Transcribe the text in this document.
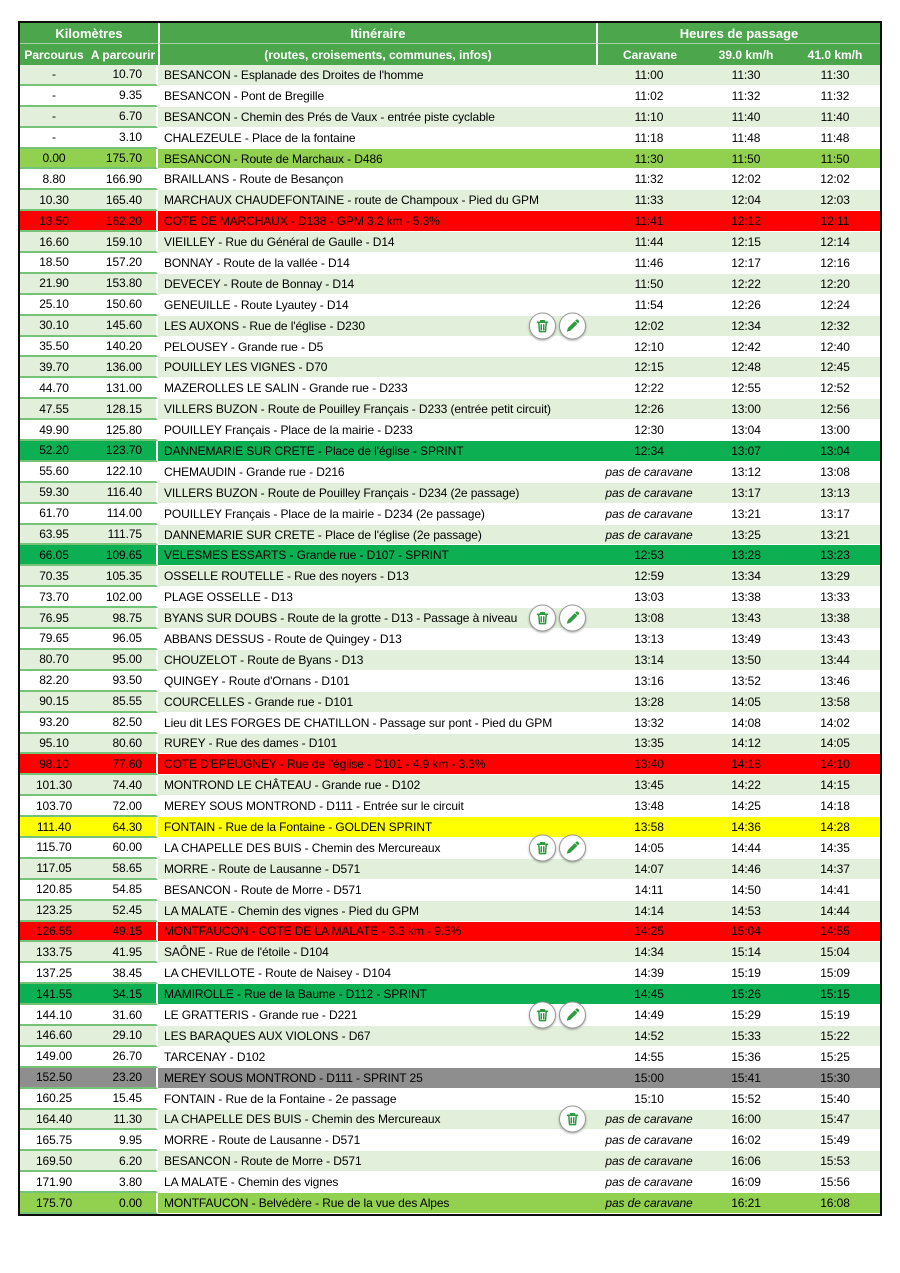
Kilomètres	Itinéraire	Heures de passage
Parcourus A parcourir	(routes, croisements, communes, infos)	Caravane	39.0 km/h	41.0 km/h
-	10.70	BESANCON - Esplanade des Droites de l'homme	11:00	11:30	11:30
-	9.35	BESANCON - Pont de Bregille	11:02	11:32	11:32
-	6.70	BESANCON - Chemin des Prés de Vaux - entrée piste cyclable	11:10	11:40	11:40
-	3.10	CHALEZEULE - Place de la fontaine	11:18	11:48	11:48
0.00	175.70	BESANCON - Route de Marchaux - D486	11:30	11:50	11:50
8.80	166.90	BRAILLANS - Route de Besançon	11:32	12:02	12:02
10.30	165.40	MARCHAUX CHAUDEFONTAINE - route de Champoux - Pied du GPM	11:33	12:04	12:03
13.50	162.20	COTE DE MARCHAUX - D138 - GPM 3.2 km - 5.3%	11:41	12:12	12:11
16.60	159.10	VIEILLEY - Rue du Général de Gaulle - D14	11:44	12:15	12:14
18.50	157.20	BONNAY - Route de la vallée - D14	11:46	12:17	12:16
21.90	153.80	DEVECEY - Route de Bonnay - D14	11:50	12:22	12:20
25.10	150.60	GENEUILLE - Route Lyautey - D14	11:54	12:26	12:24
30.10	145.60	LES AUXONS - Rue de l'église - D230	12:02	12:34	12:32
35.50	140.20	PELOUSEY - Grande rue - D5	12:10	12:42	12:40
39.70	136.00	POUILLEY LES VIGNES - D70	12:15	12:48	12:45
44.70	131.00	MAZEROLLES LE SALIN - Grande rue - D233	12:22	12:55	12:52
47.55	128.15	VILLERS BUZON - Route de Pouilley Français - D233 (entrée petit circuit)	12:26	13:00	12:56
49.90	125.80	POUILLEY Français - Place de la mairie - D233	12:30	13:04	13:00
52.20	123.70	DANNEMARIE SUR CRETE - Place de l'église - SPRINT	12:34	13:07	13:04
55.60	122.10	CHEMAUDIN - Grande rue - D216	pas de caravane	13:12	13:08
59.30	116.40	VILLERS BUZON - Route de Pouilley Français - D234 (2e passage)	pas de caravane	13:17	13:13
61.70	114.00	POUILLEY Français - Place de la mairie - D234 (2e passage)	pas de caravane	13:21	13:17
63.95	111.75	DANNEMARIE SUR CRETE - Place de l'église (2e passage)	pas de caravane	13:25	13:21
66.05	109.65	VELESMES ESSARTS - Grande rue - D107 - SPRINT	12:53	13:28	13:23
70.35	105.35	OSSELLE ROUTELLE - Rue des noyers - D13	12:59	13:34	13:29
73.70	102.00	PLAGE OSSELLE - D13	13:03	13:38	13:33
76.95	98.75	BYANS SUR DOUBS - Route de la grotte - D13 - Passage à niveau	13:08	13:43	13:38
79.65	96.05	ABBANS DESSUS - Route de Quingey - D13	13:13	13:49	13:43
80.70	95.00	CHOUZELOT - Route de Byans - D13	13:14	13:50	13:44
82.20	93.50	QUINGEY - Route d'Ornans - D101	13:16	13:52	13:46
90.15	85.55	COURCELLES - Grande rue - D101	13:28	14:05	13:58
93.20	82.50	Lieu dit LES FORGES DE CHATILLON - Passage sur pont - Pied du GPM	13:32	14:08	14:02
95.10	80.60	RUREY - Rue des dames - D101	13:35	14:12	14:05
98.10	77.60	COTE D'EPEUGNEY - Rue de l'église - D101 - 4.9 km - 3.3%	13:40	14:18	14:10
101.30	74.40	MONTROND LE CHÂTEAU - Grande rue - D102	13:45	14:22	14:15
103.70	72.00	MEREY SOUS MONTROND - D111 - Entrée sur le circuit	13:48	14:25	14:18
111.40	64.30	FONTAIN - Rue de la Fontaine - GOLDEN SPRINT	13:58	14:36	14:28
115.70	60.00	LA CHAPELLE DES BUIS - Chemin des Mercureaux	14:05	14:44	14:35
117.05	58.65	MORRE - Route de Lausanne - D571	14:07	14:46	14:37
120.85	54.85	BESANCON - Route de Morre - D571	14:11	14:50	14:41
123.25	52.45	LA MALATE - Chemin des vignes - Pied du GPM	14:14	14:53	14:44
126.55	49.15	MONTFAUCON - COTE DE LA MALATE - 3.3 km - 9.5%	14:25	15:04	14:55
133.75	41.95	SAÔNE - Rue de l'étoile - D104	14:34	15:14	15:04
137.25	38.45	LA CHEVILLOTE - Route de Naisey - D104	14:39	15:19	15:09
141.55	34.15	MAMIROLLE - Rue de la Baume - D112 - SPRINT	14:45	15:26	15:15
144.10	31.60	LE GRATTERIS - Grande rue - D221	14:49	15:29	15:19
146.60	29.10	LES BARAQUES AUX VIOLONS - D67	14:52	15:33	15:22
149.00	26.70	TARCENAY - D102	14:55	15:36	15:25
152.50	23.20	MEREY SOUS MONTROND - D111 - SPRINT 25	15:00	15:41	15:30
160.25	15.45	FONTAIN - Rue de la Fontaine - 2e passage	15:10	15:52	15:40
164.40	11.30	LA CHAPELLE DES BUIS - Chemin des Mercureaux	pas de caravane	16:00	15:47
165.75	9.95	MORRE - Route de Lausanne - D571	pas de caravane	16:02	15:49
169.50	6.20	BESANCON - Route de Morre - D571	pas de caravane	16:06	15:53
171.90	3.80	LA MALATE - Chemin des vignes	pas de caravane	16:09	15:56
175.70	0.00	MONTFAUCON - Belvédère - Rue de la vue des Alpes	pas de caravane	16:21	16:08
